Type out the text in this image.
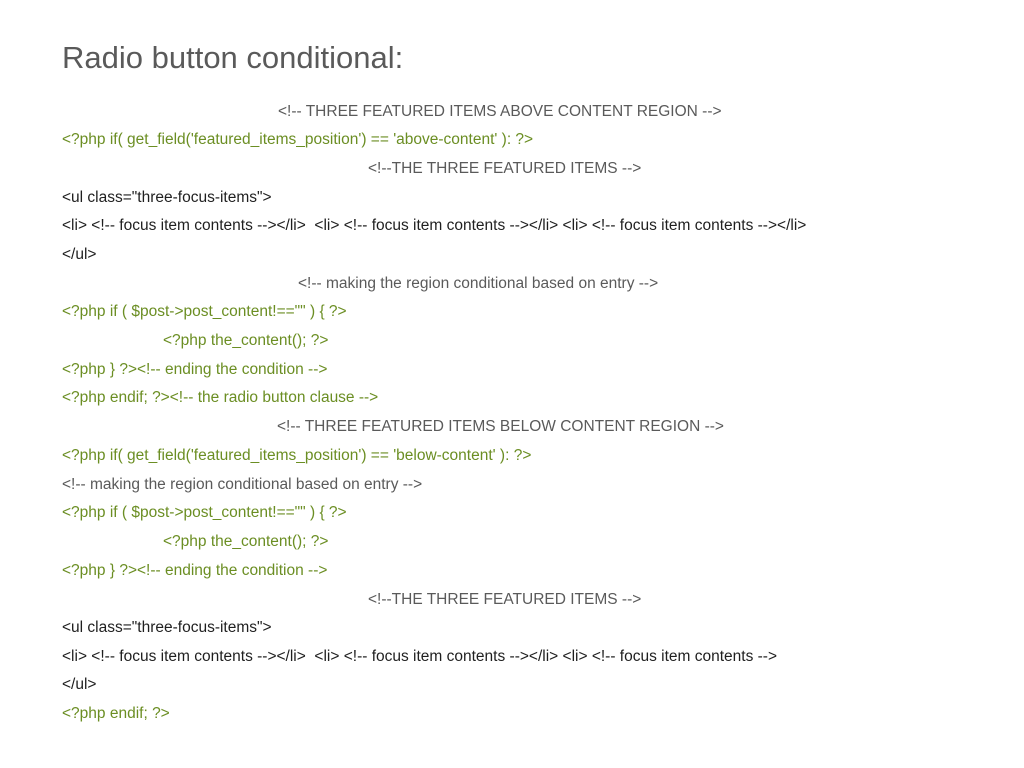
Radio button conditional:
<!-- THREE FEATURED ITEMS ABOVE CONTENT REGION -->
<?php if( get_field('featured_items_position') == 'above-content' ): ?>
<!--THE THREE FEATURED ITEMS -->
<ul class="three-focus-items">
<li> <!-- focus item contents --></li>  <li> <!-- focus item contents --></li> <li> <!-- focus item contents --></li>
</ul>
<!-- making the region conditional based on entry -->
<?php if ( $post->post_content!=="" ) { ?>
<?php the_content(); ?>
<?php } ?><!-- ending the condition -->
<?php endif; ?><!-- the radio button clause -->
<!-- THREE FEATURED ITEMS BELOW CONTENT REGION -->
<?php if( get_field('featured_items_position') == 'below-content' ): ?>
<!-- making the region conditional based on entry -->
<?php if ( $post->post_content!=="" ) { ?>
<?php the_content(); ?>
<?php } ?><!-- ending the condition -->
<!--THE THREE FEATURED ITEMS -->
<ul class="three-focus-items">
<li> <!-- focus item contents --></li>  <li> <!-- focus item contents --></li> <li> <!-- focus item contents -->
</ul>
<?php endif; ?>
